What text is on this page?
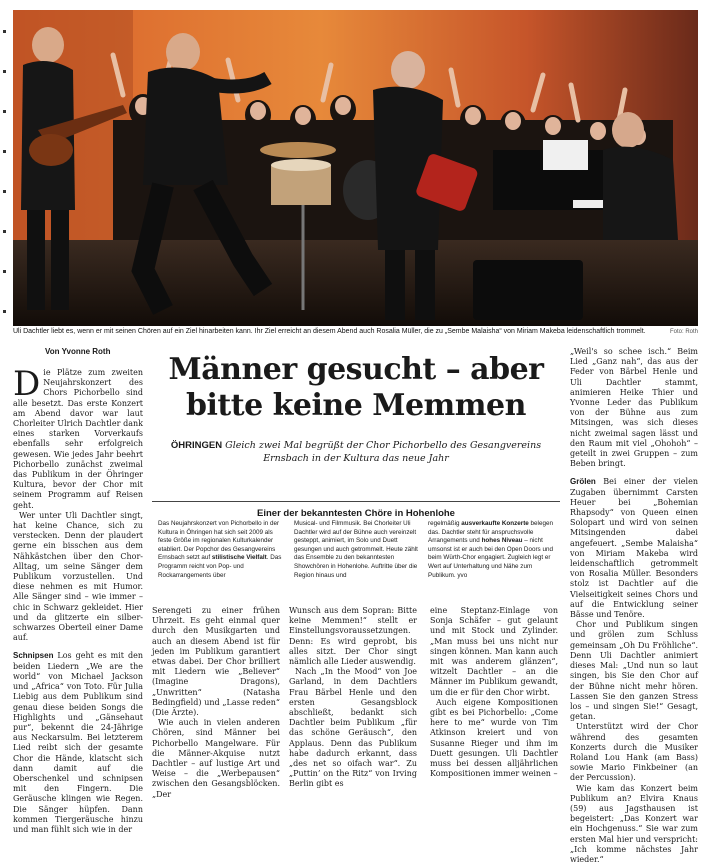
Uli Dachtler liebt es, wenn er mit seinen Chören auf ein Ziel hinarbeiten kann. Ihr Ziel erreicht an diesem Abend auch Rosalia Müller, die zu „Sembe Malaisha“ von Miriam Makeba leidenschaftlich trommelt.	Foto: Roth
Von Yvonne Roth

Die Plätze zum zweiten Neujahrskonzert des Chors Pichorbello sind alle besetzt. Das erste Konzert am Abend davor war laut Chorleiter Ulrich Dachtler dank eines starken Vorverkaufs ebenfalls sehr erfolgreich gewesen. Wie jedes Jahr beehrt Pichorbello zunächst zweimal das Publikum in der Öhringer Kultura, bevor der Chor mit seinem Programm auf Reisen geht.

Wer unter Uli Dachtler singt, hat keine Chance, sich zu verstecken. Denn der plaudert gerne ein bisschen aus dem Nähkästchen über den Chor-Alltag, um seine Sänger dem Publikum vorzustellen. Und diese nehmen es mit Humor. Alle Sänger sind – wie immer – chic in Schwarz gekleidet. Hier und da glitzerte ein silber-schwarzes Oberteil einer Dame auf.

Schnipsen Los geht es mit den beiden Liedern „We are the world“ von Michael Jackson und „Africa“ von Toto. Für Julia Liebig aus dem Publikum sind genau diese beiden Songs die Highlights und „Gänsehaut pur“, bekennt die 24-Jährige aus Neckarsulm. Bei letzterem Lied reibt sich der gesamte Chor die Hände, klatscht sich dann damit auf die Oberschenkel und schnipsen mit den Fingern. Die Geräusche klingen wie Regen. Die Sänger hüpfen. Dann kommen Tiergeräusche hinzu und man fühlt sich wie in der

Männer gesucht – aber
bitte keine Memmen
ÖHRINGEN Gleich zwei Mal begrüßt der Chor Pichorbello des Gesangvereins Ernsbach in der Kultura das neue Jahr
Einer der bekanntesten Chöre in Hohenlohe
Das Neujahrskonzert von Pichorbello in der Kultura in Öhringen hat sich seit 2009 als feste Größe im regionalen Kulturkalender etabliert. Der Popchor des Gesangvereins Ernsbach setzt auf stilistische Vielfalt. Das Programm reicht von Pop- und Rockarrangements über
Musical- und Filmmusik. Bei Chorleiter Uli Dachtler wird auf der Bühne auch vereinzelt gesteppt, animiert, im Solo und Duett gesungen und auch getrommelt. Heute zählt das Ensemble zu den bekanntesten Showchören in Hohenlohe. Auftritte über die Region hinaus und
regelmäßig ausverkaufte Konzerte belegen das. Dachtler steht für anspruchsvolle Arrangements und hohes Niveau – nicht umsonst ist er auch bei den Open Doors und beim Würth-Chor engagiert. Zugleich legt er Wert auf Unterhaltung und Nähe zum Publikum. yvo

Serengeti zu einer frühen Uhrzeit. Es geht einmal quer durch den Musikgarten und auch an diesem Abend ist für jeden im Publikum garantiert etwas dabei. Der Chor brilliert mit Liedern wie „Believer“ (Imagine Dragons), „Unwritten“ (Natasha Bedingfield) und „Lasse reden“ (Die Ärzte).

Wie auch in vielen anderen Chören, sind Männer bei Pichorbello Mangelware. Für die Männer-Akquise nutzt Dachtler – auf lustige Art und Weise – die „Werbepausen“ zwischen den Gesangsblöcken. „Der

Wunsch aus dem Sopran: Bitte keine Memmen!“ stellt er Einstellungsvoraussetzungen. Denn: Es wird geprobt, bis alles sitzt. Der Chor singt nämlich alle Lieder auswendig.

Nach „In the Mood“ von Joe Garland, in dem Dachtlers Frau Bärbel Henle und den ersten Gesangsblock abschließt, bedankt sich Dachtler beim Publikum „für das schöne Geräusch“, den Applaus. Denn das Publikum habe dadurch erkannt, dass „des net so oifach war“. Zu „Puttin’ on the Ritz“ von Irving Berlin gibt es

eine Steptanz-Einlage von Sonja Schäfer – gut gelaunt und mit Stock und Zylinder. „Man muss bei uns nicht nur singen können. Man kann auch mit was anderem glänzen“, witzelt Dachtler – an die Männer im Publikum gewandt, um die er für den Chor wirbt.

Auch eigene Kompositionen gibt es bei Pichorbello: „Come here to me“ wurde von Tim Atkinson kreiert und von Susanne Rieger und ihm im Duett gesungen. Uli Dachtler muss bei dessen alljährlichen Kompositionen immer weinen –

„Weil's so schee isch.“ Beim Lied „Ganz nah“, das aus der Feder von Bärbel Henle und Uli Dachtler stammt, animieren Heike Thier und Yvonne Leder das Publikum von der Bühne aus zum Mitsingen, was sich dieses nicht zweimal sagen lässt und den Raum mit viel „Ohohoh“ – geteilt in zwei Gruppen – zum Beben bringt.

Grölen Bei einer der vielen Zugaben übernimmt Carsten Heuer bei „Bohemian Rhapsody“ von Queen einen Solopart und wird von seinen Mitsingenden dabei angefeuert. „Sembe Malaisha“ von Miriam Makeba wird leidenschaftlich getrommelt von Rosalia Müller. Besonders stolz ist Dachtler auf die Vielseitigkeit seines Chors und auf die Entwicklung seiner Bässe und Tenöre.

Chor und Publikum singen und grölen zum Schluss gemeinsam „Oh Du Fröhliche“. Denn Uli Dachtler animiert dieses Mal: „Und nun so laut singen, bis Sie den Chor auf der Bühne nicht mehr hören. Lassen Sie den ganzen Stress los – und singen Sie!“ Gesagt, getan.

Unterstützt wird der Chor während des gesamten Konzerts durch die Musiker Roland Lou Hank (am Bass) sowie Mario Finkbeiner (an der Percussion).

Wie kam das Konzert beim Publikum an? Elvira Knaus (59) aus Jagsthausen ist begeistert: „Das Konzert war ein Hochgenuss.“ Sie war zum ersten Mal hier und verspricht: „Ich komme nächstes Jahr wieder.“
